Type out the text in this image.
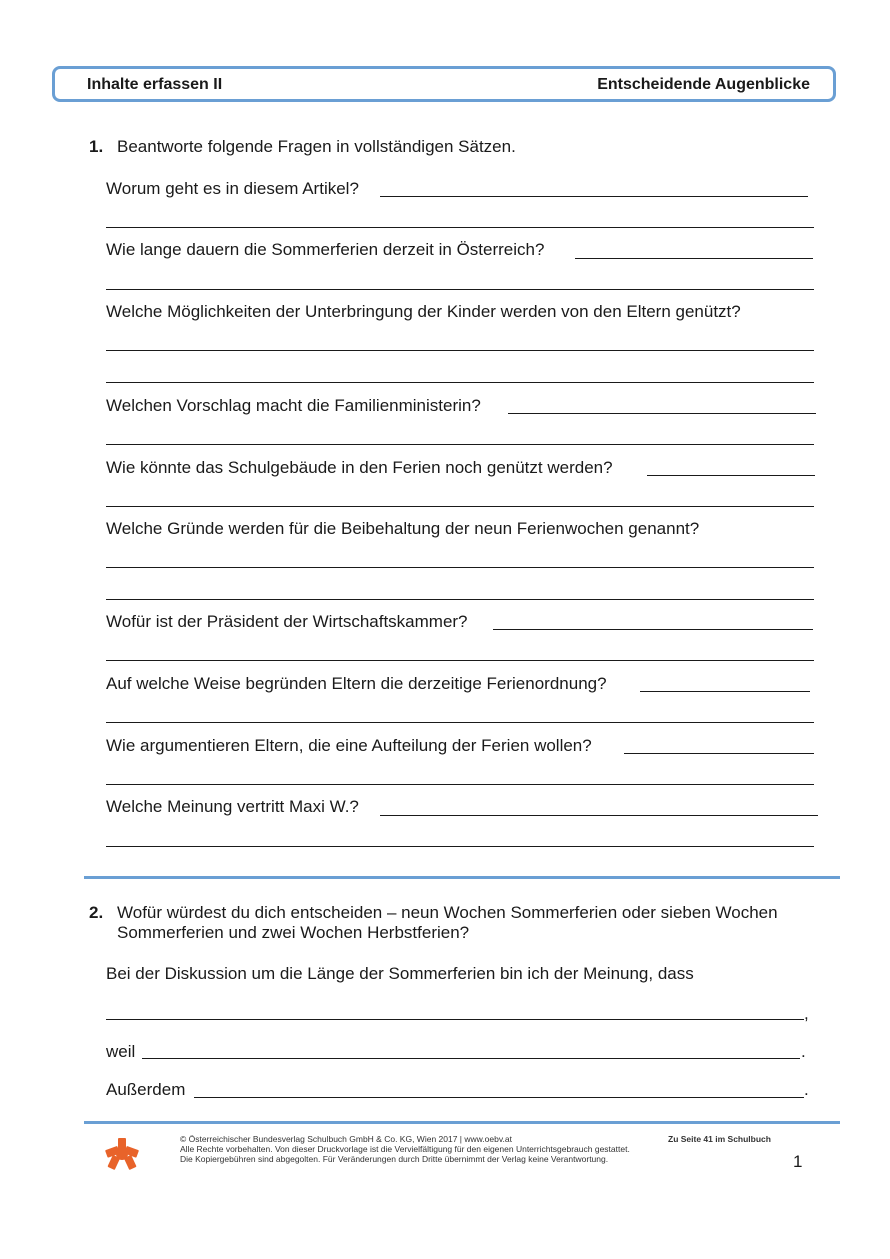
Inhalte erfassen II	Entscheidende Augenblicke
1. Beantworte folgende Fragen in vollständigen Sätzen.
Worum geht es in diesem Artikel?
Wie lange dauern die Sommerferien derzeit in Österreich?
Welche Möglichkeiten der Unterbringung der Kinder werden von den Eltern genützt?
Welchen Vorschlag macht die Familienministerin?
Wie könnte das Schulgebäude in den Ferien noch genützt werden?
Welche Gründe werden für die Beibehaltung der neun Ferienwochen genannt?
Wofür ist der Präsident der Wirtschaftskammer?
Auf welche Weise begründen Eltern die derzeitige Ferienordnung?
Wie argumentieren Eltern, die eine Aufteilung der Ferien wollen?
Welche Meinung vertritt Maxi W.?
2. Wofür würdest du dich entscheiden – neun Wochen Sommerferien oder sieben Wochen
Sommerferien und zwei Wochen Herbstferien?
Bei der Diskussion um die Länge der Sommerferien bin ich der Meinung, dass
,
weil	.
Außerdem	.
© Österreichischer Bundesverlag Schulbuch GmbH & Co. KG, Wien 2017 | www.oebv.at
Alle Rechte vorbehalten. Von dieser Druckvorlage ist die Vervielfältigung für den eigenen Unterrichtsgebrauch gestattet.
Die Kopiergebühren sind abgegolten. Für Veränderungen durch Dritte übernimmt der Verlag keine Verantwortung.
Zu Seite 41 im Schulbuch
1
